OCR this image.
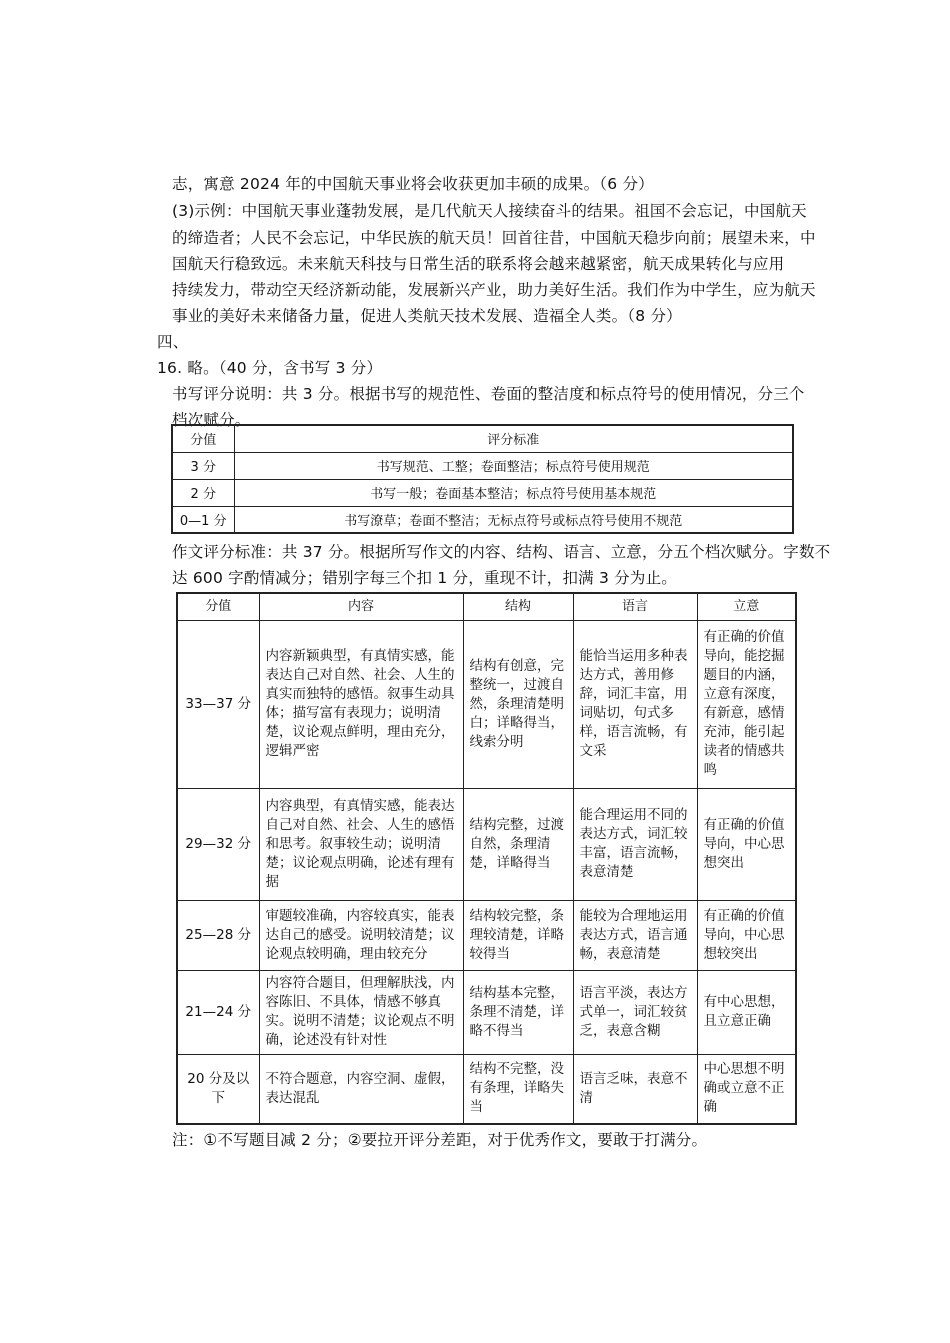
志，寓意 2024 年的中国航天事业将会收获更加丰硕的成果。（6 分）
(3)示例：中国航天事业蓬勃发展，是几代航天人接续奋斗的结果。祖国不会忘记，中国航天
的缔造者；人民不会忘记，中华民族的航天员！回首往昔，中国航天稳步向前；展望未来，中
国航天行稳致远。未来航天科技与日常生活的联系将会越来越紧密，航天成果转化与应用
持续发力，带动空天经济新动能，发展新兴产业，助力美好生活。我们作为中学生，应为航天
事业的美好未来储备力量，促进人类航天技术发展、造福全人类。（8 分）
四、
16. 略。（40 分，含书写 3 分）
书写评分说明：共 3 分。根据书写的规范性、卷面的整洁度和标点符号的使用情况，分三个
档次赋分。
分值	评分标准
3 分	书写规范、工整；卷面整洁；标点符号使用规范
2 分	书写一般；卷面基本整洁；标点符号使用基本规范
0—1 分	书写潦草；卷面不整洁；无标点符号或标点符号使用不规范
作文评分标准：共 37 分。根据所写作文的内容、结构、语言、立意，分五个档次赋分。字数不
达 600 字酌情减分；错别字每三个扣 1 分，重现不计，扣满 3 分为止。
分值	内容	结构	语言	立意
33—37 分	内容新颖典型，有真情实感，能表达自己对自然、社会、人生的真实而独特的感悟。叙事生动具体；描写富有表现力；说明清楚，议论观点鲜明，理由充分，逻辑严密	结构有创意，完整统一，过渡自然，条理清楚明白；详略得当，线索分明	能恰当运用多种表达方式，善用修辞，词汇丰富，用词贴切，句式多样，语言流畅，有文采	有正确的价值导向，能挖掘题目的内涵，立意有深度，有新意，感情充沛，能引起读者的情感共鸣
29—32 分	内容典型，有真情实感，能表达自己对自然、社会、人生的感悟和思考。叙事较生动；说明清楚；议论观点明确，论述有理有据	结构完整，过渡自然，条理清楚，详略得当	能合理运用不同的表达方式，词汇较丰富，语言流畅，表意清楚	有正确的价值导向，中心思想突出
25—28 分	审题较准确，内容较真实，能表达自己的感受。说明较清楚；议论观点较明确，理由较充分	结构较完整，条理较清楚，详略较得当	能较为合理地运用表达方式，语言通畅，表意清楚	有正确的价值导向，中心思想较突出
21—24 分	内容符合题目，但理解肤浅，内容陈旧、不具体，情感不够真实。说明不清楚；议论观点不明确，论述没有针对性	结构基本完整，条理不清楚，详略不得当	语言平淡，表达方式单一，词汇较贫乏，表意含糊	有中心思想，且立意正确
20 分及以下	不符合题意，内容空洞、虚假，表达混乱	结构不完整，没有条理，详略失当	语言乏味，表意不清	中心思想不明确或立意不正确
注：①不写题目减 2 分；②要拉开评分差距，对于优秀作文，要敢于打满分。
